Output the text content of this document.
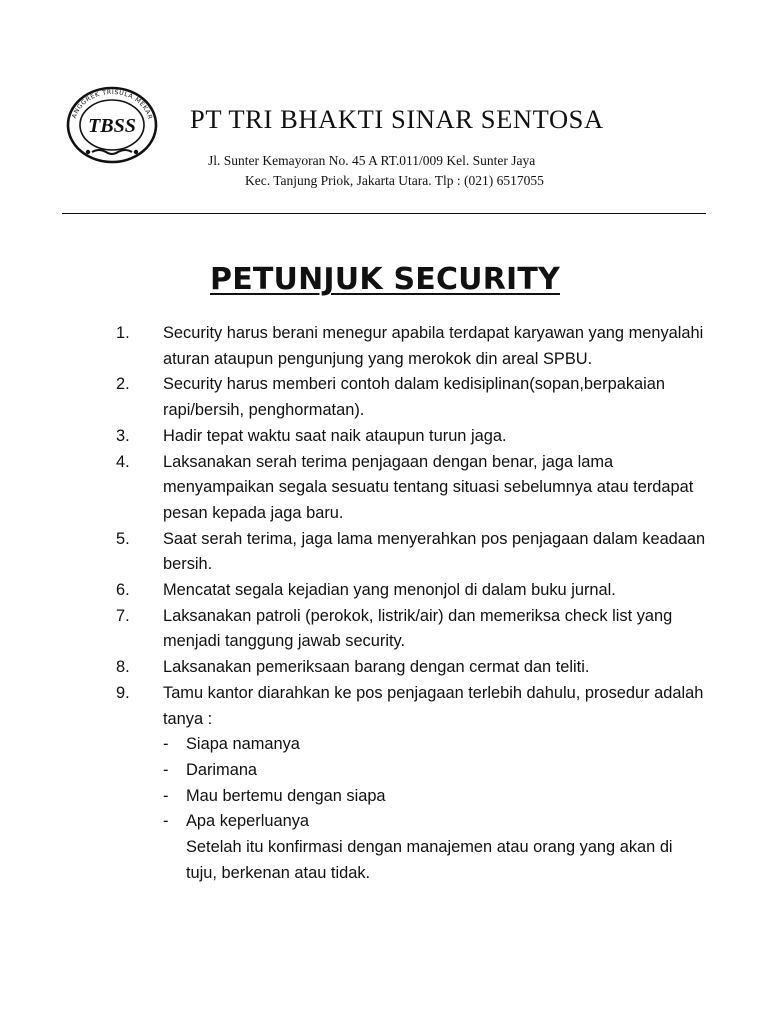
ANGGREK TRISULA MEKAR
TBSS PT TRI BHAKTI SINAR SENTOSA
Jl. Sunter Kemayoran No. 45 A RT.011/009 Kel. Sunter Jaya
Kec. Tanjung Priok, Jakarta Utara. Tlp : (021) 6517055
PETUNJUK SECURITY
1. Security harus berani menegur apabila terdapat karyawan yang menyalahi aturan ataupun pengunjung yang merokok din areal SPBU.
2. Security harus memberi contoh dalam kedisiplinan(sopan,berpakaian rapi/bersih, penghormatan).
3. Hadir tepat waktu saat naik ataupun turun jaga.
4. Laksanakan serah terima penjagaan dengan benar, jaga lama menyampaikan segala sesuatu tentang situasi sebelumnya atau terdapat pesan kepada jaga baru.
5. Saat serah terima, jaga lama menyerahkan pos penjagaan dalam keadaan bersih.
6. Mencatat segala kejadian yang menonjol di dalam buku jurnal.
7. Laksanakan patroli (perokok, listrik/air) dan memeriksa check list yang menjadi tanggung jawab security.
8. Laksanakan pemeriksaan barang dengan cermat dan teliti.
9. Tamu kantor diarahkan ke pos penjagaan terlebih dahulu, prosedur adalah tanya :
- Siapa namanya
- Darimana
- Mau bertemu dengan siapa
- Apa keperluanya
Setelah itu konfirmasi dengan manajemen atau orang yang akan di tuju, berkenan atau tidak.
